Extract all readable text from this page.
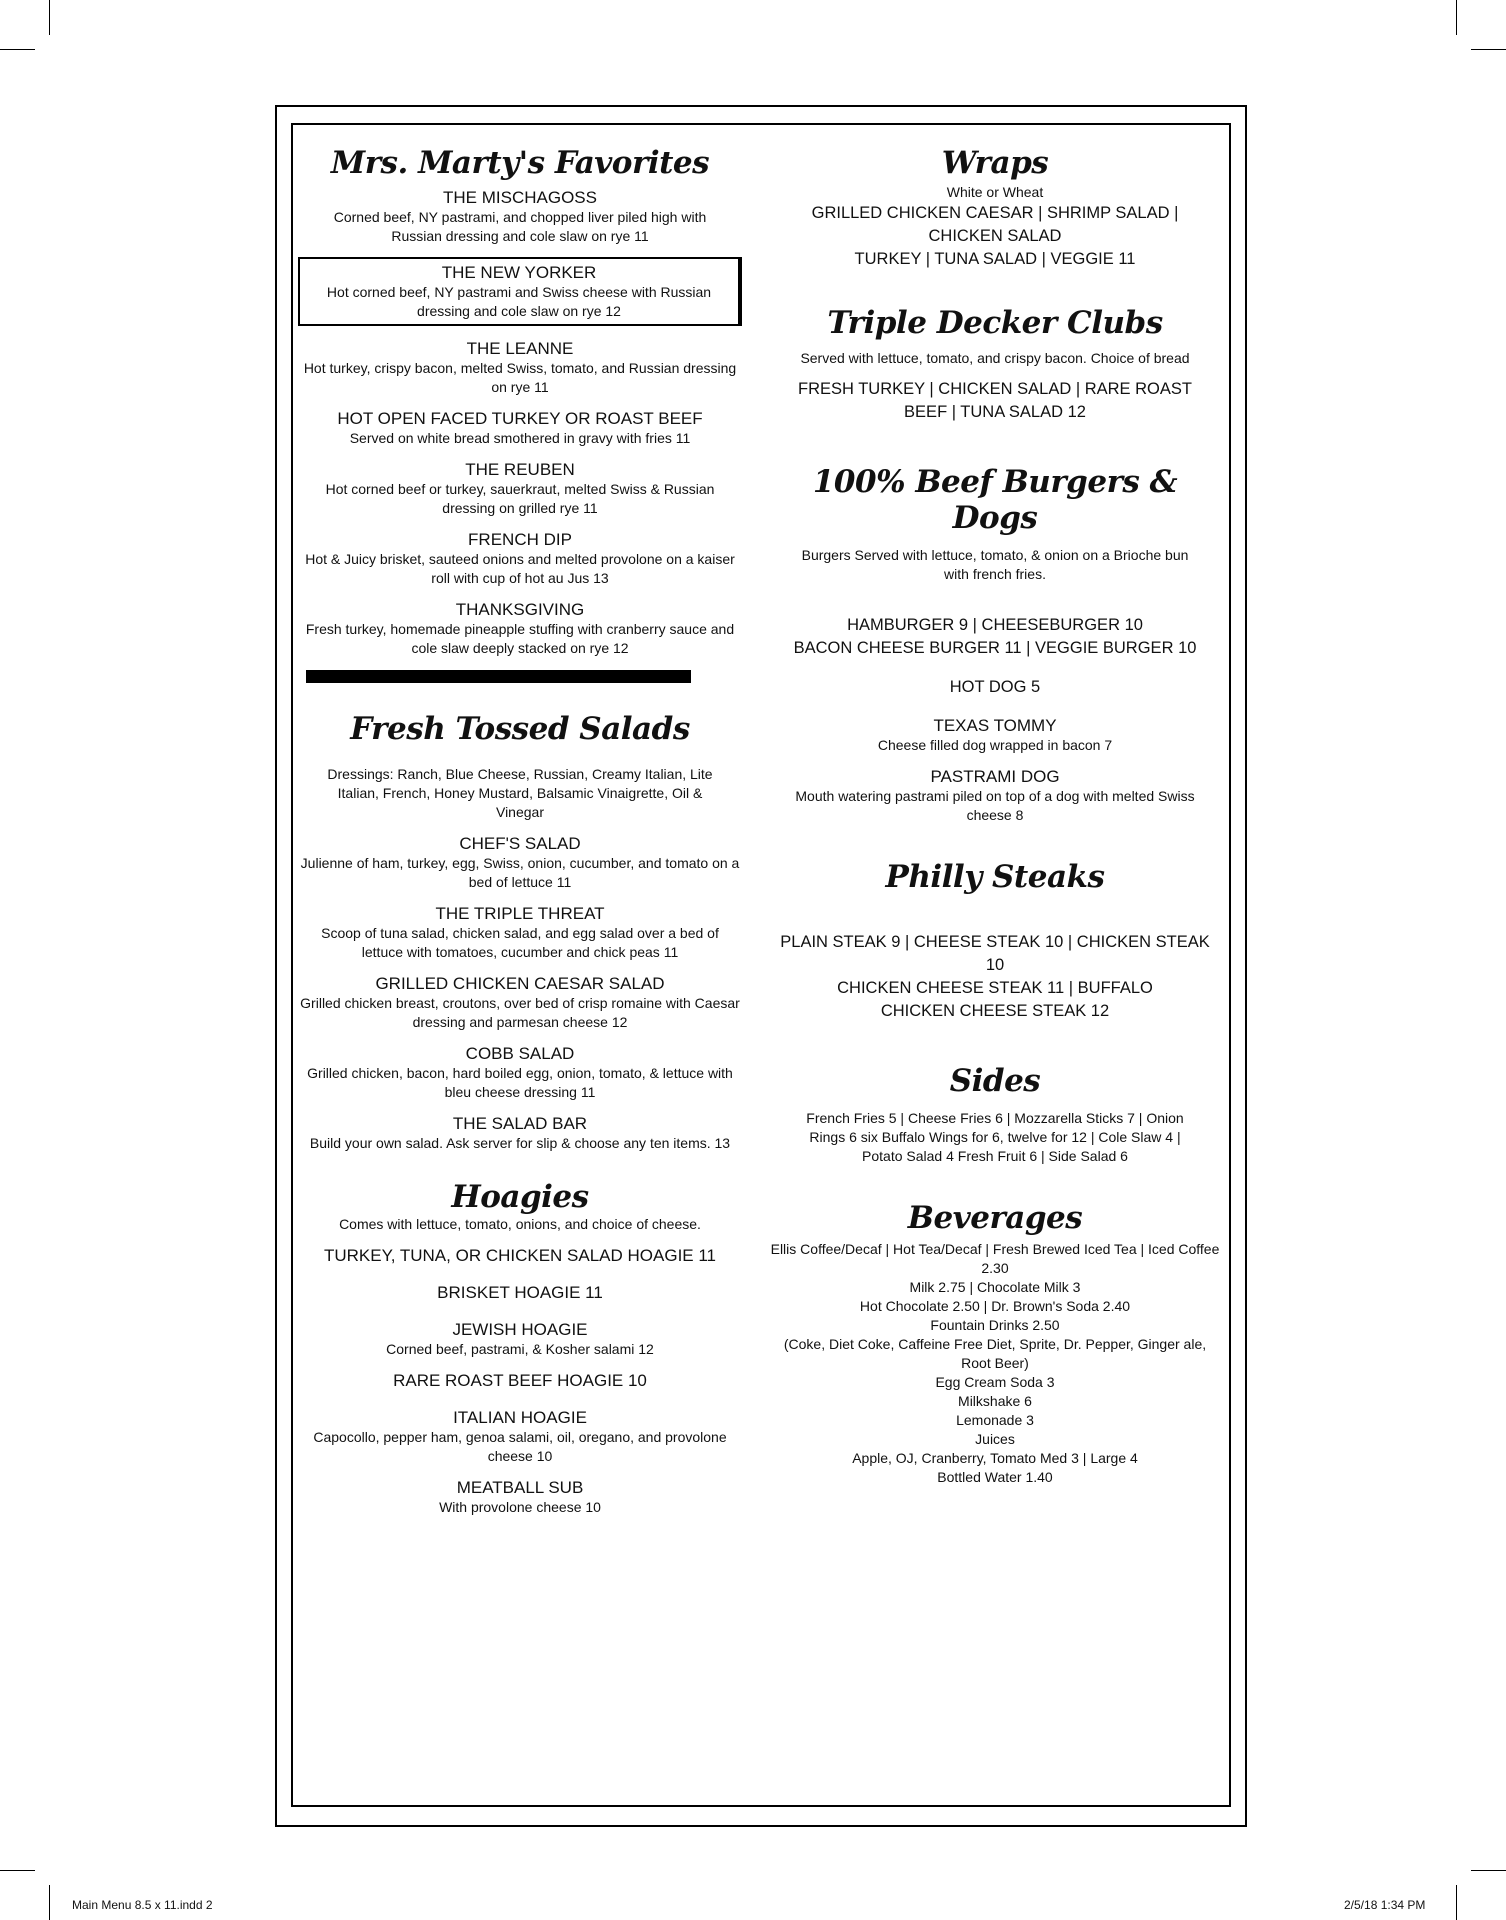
Mrs. Marty's Favorites
THE MISCHAGOSS
Corned beef, NY pastrami, and chopped liver piled high with Russian dressing and cole slaw on rye 11
THE NEW YORKER
Hot corned beef, NY pastrami and Swiss cheese with Russian dressing and cole slaw on rye 12
THE LEANNE
Hot turkey, crispy bacon, melted Swiss, tomato, and Russian dressing on rye 11
HOT OPEN FACED TURKEY OR ROAST BEEF
Served on white bread smothered in gravy with fries 11
THE REUBEN
Hot corned beef or turkey, sauerkraut, melted Swiss & Russian dressing on grilled rye 11
FRENCH DIP
Hot & Juicy brisket, sauteed onions and melted provolone on a kaiser roll with cup of hot au Jus 13
THANKSGIVING
Fresh turkey, homemade pineapple stuffing with cranberry sauce and cole slaw deeply stacked on rye 12
Fresh Tossed Salads
Dressings: Ranch, Blue Cheese, Russian, Creamy Italian, Lite Italian, French, Honey Mustard, Balsamic Vinaigrette, Oil & Vinegar
CHEF'S SALAD
Julienne of ham, turkey, egg, Swiss, onion, cucumber, and tomato on a bed of lettuce 11
THE TRIPLE THREAT
Scoop of tuna salad, chicken salad, and egg salad over a bed of lettuce with tomatoes, cucumber and chick peas 11
GRILLED CHICKEN CAESAR SALAD
Grilled chicken breast, croutons, over bed of crisp romaine with Caesar dressing and parmesan cheese 12
COBB SALAD
Grilled chicken, bacon, hard boiled egg, onion, tomato, & lettuce with bleu cheese dressing 11
THE SALAD BAR
Build your own salad. Ask server for slip & choose any ten items. 13
Hoagies
Comes with lettuce, tomato, onions, and choice of cheese.
TURKEY, TUNA, OR CHICKEN SALAD HOAGIE 11
BRISKET HOAGIE 11
JEWISH HOAGIE
Corned beef, pastrami, & Kosher salami 12
RARE ROAST BEEF HOAGIE 10
ITALIAN HOAGIE
Capocollo, pepper ham, genoa salami, oil, oregano, and provolone cheese 10
MEATBALL SUB
With provolone cheese 10
Wraps
White or Wheat
GRILLED CHICKEN CAESAR | SHRIMP SALAD | CHICKEN SALAD
TURKEY | TUNA SALAD | VEGGIE 11
Triple Decker Clubs
Served with lettuce, tomato, and crispy bacon. Choice of bread
FRESH TURKEY | CHICKEN SALAD | RARE ROAST BEEF | TUNA SALAD 12
100% Beef Burgers & Dogs
Burgers Served with lettuce, tomato, & onion on a Brioche bun with french fries.
HAMBURGER 9 | CHEESEBURGER 10
BACON CHEESE BURGER 11 | VEGGIE BURGER 10
HOT DOG 5
TEXAS TOMMY
Cheese filled dog wrapped in bacon 7
PASTRAMI DOG
Mouth watering pastrami piled on top of a dog with melted Swiss cheese 8
Philly Steaks
PLAIN STEAK 9 | CHEESE STEAK 10 | CHICKEN STEAK 10
CHICKEN CHEESE STEAK 11 | BUFFALO CHICKEN CHEESE STEAK 12
Sides
French Fries 5 | Cheese Fries 6 | Mozzarella Sticks 7 | Onion Rings 6 six Buffalo Wings for 6, twelve for 12 | Cole Slaw 4 | Potato Salad 4 Fresh Fruit 6 | Side Salad 6
Beverages
Ellis Coffee/Decaf | Hot Tea/Decaf | Fresh Brewed Iced Tea | Iced Coffee 2.30
Milk 2.75 | Chocolate Milk 3
Hot Chocolate 2.50 | Dr. Brown's Soda 2.40
Fountain Drinks 2.50
(Coke, Diet Coke, Caffeine Free Diet, Sprite, Dr. Pepper, Ginger ale, Root Beer)
Egg Cream Soda 3
Milkshake 6
Lemonade 3
Juices
Apple, OJ, Cranberry, Tomato Med 3 | Large 4
Bottled Water 1.40
Main Menu 8.5 x 11.indd 2	2/5/18 1:34 PM
